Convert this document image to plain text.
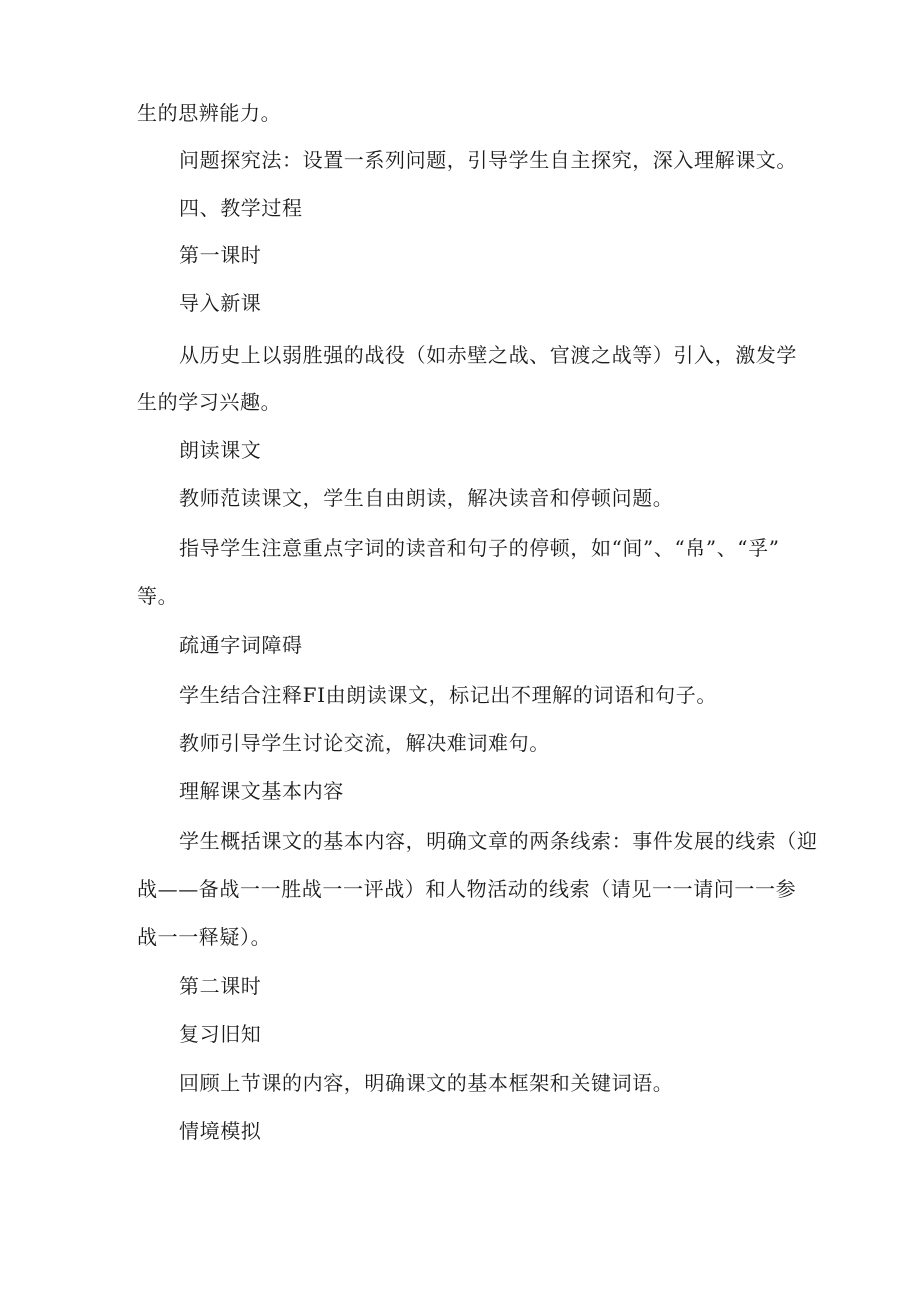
生的思辨能力。
问题探究法：设置一系列问题，引导学生自主探究，深入理解课文。
四、教学过程
第一课时
导入新课
从历史上以弱胜强的战役（如赤壁之战、官渡之战等）引入，激发学
生的学习兴趣。
朗读课文
教师范读课文，学生自由朗读，解决读音和停顿问题。
指导学生注意重点字词的读音和句子的停顿，如“间”、“帛”、“孚”
等。
疏通字词障碍
学生结合注释FI由朗读课文，标记出不理解的词语和句子。
教师引导学生讨论交流，解决难词难句。
理解课文基本内容
学生概括课文的基本内容，明确文章的两条线索：事件发展的线索（迎
战——备战一一胜战一一评战）和人物活动的线索（请见一一请问一一参
战一一释疑）。
第二课时
复习旧知
回顾上节课的内容，明确课文的基本框架和关键词语。
情境模拟
